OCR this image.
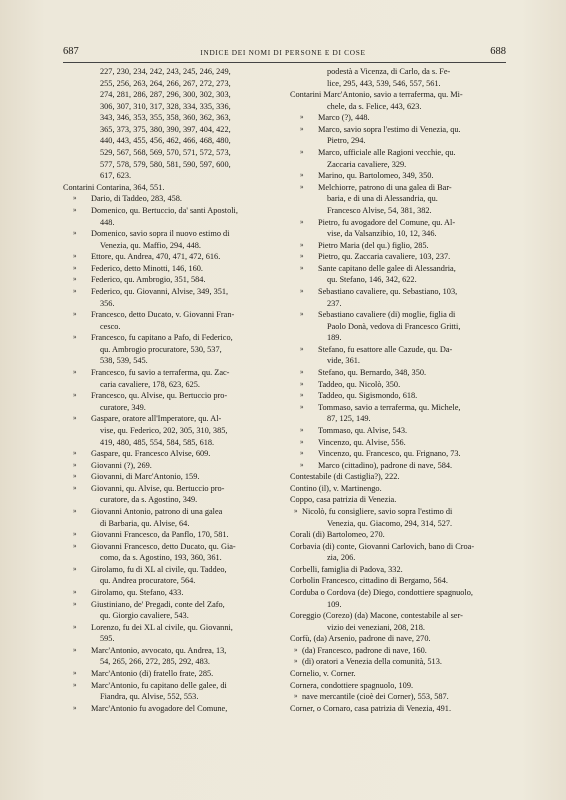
687	INDICE DEI NOMI DI PERSONE E DI COSE	688
227, 230, 234, 242, 243, 245, 246, 249,
255, 256, 263, 264, 266, 267, 272, 273,
274, 281, 286, 287, 296, 300, 302, 303,
306, 307, 310, 317, 328, 334, 335, 336,
343, 346, 353, 355, 358, 360, 362, 363,
365, 373, 375, 380, 390, 397, 404, 422,
440, 443, 455, 456, 462, 466, 468, 480,
529, 567, 568, 569, 570, 571, 572, 573,
577, 578, 579, 580, 581, 590, 597, 600,
617, 623.
Contarini Contarina, 364, 551.
» Dario, di Taddeo, 283, 458.
» Domenico, qu. Bertuccio, da' santi Apostoli,
448.
» Domenico, savio sopra il nuovo estimo di
Venezia, qu. Maffio, 294, 448.
» Ettore, qu. Andrea, 470, 471, 472, 616.
» Federico, detto Minotti, 146, 160.
» Federico, qu. Ambrogio, 351, 584.
» Federico, qu. Giovanni, Alvise, 349, 351,
356.
» Francesco, detto Ducato, v. Giovanni Fran-
cesco.
» Francesco, fu capitano a Pafo, di Federico,
qu. Ambrogio procuratore, 530, 537,
538, 539, 545.
» Francesco, fu savio a terraferma, qu. Zac-
caria cavaliere, 178, 623, 625.
» Francesco, qu. Alvise, qu. Bertuccio pro-
curatore, 349.
» Gaspare, oratore all'Imperatore, qu. Al-
vise, qu. Federico, 202, 305, 310, 385,
419, 480, 485, 554, 584, 585, 618.
» Gaspare, qu. Francesco Alvise, 609.
» Giovanni (?), 269.
» Giovanni, di Marc'Antonio, 159.
» Giovanni, qu. Alvise, qu. Bertuccio pro-
curatore, da s. Agostino, 349.
» Giovanni Antonio, patrono di una galea
di Barbaria, qu. Alvise, 64.
» Giovanni Francesco, da Panflo, 170, 581.
» Giovanni Francesco, detto Ducato, qu. Gia-
como, da s. Agostino, 193, 360, 361.
» Girolamo, fu di XL al civile, qu. Taddeo,
qu. Andrea procuratore, 564.
» Girolamo, qu. Stefano, 433.
» Giustiniano, de' Pregadi, conte del Zafo,
qu. Giorgio cavaliere, 543.
» Lorenzo, fu dei XL al civile, qu. Giovanni,
595.
» Marc'Antonio, avvocato, qu. Andrea, 13,
54, 265, 266, 272, 285, 292, 483.
» Marc'Antonio (di) fratello frate, 285.
» Marc'Antonio, fu capitano delle galee, di
Fiandra, qu. Alvise, 552, 553.
» Marc'Antonio fu avogadore del Comune,
podestà a Vicenza, di Carlo, da s. Fe-
lice, 295, 443, 539, 546, 557, 561.
Contarini Marc'Antonio, savio a terraferma, qu. Mi-
chele, da s. Felice, 443, 623.
» Marco (?), 448.
» Marco, savio sopra l'estimo di Venezia, qu.
Pietro, 294.
» Marco, ufficiale alle Ragioni vecchie, qu.
Zaccaria cavaliere, 329.
» Marino, qu. Bartolomeo, 349, 350.
» Melchiorre, patrono di una galea di Bar-
baria, e di una di Alessandria, qu.
Francesco Alvise, 54, 381, 382.
» Pietro, fu avogadore del Comune, qu. Al-
vise, da Valsanzibio, 10, 12, 346.
» Pietro Maria (del qu.) figlio, 285.
» Pietro, qu. Zaccaria cavaliere, 103, 237.
» Sante capitano delle galee di Alessandria,
qu. Stefano, 146, 342, 622.
» Sebastiano cavaliere, qu. Sebastiano, 103,
237.
» Sebastiano cavaliere (di) moglie, figlia di
Paolo Donà, vedova di Francesco Gritti,
189.
» Stefano, fu esattore alle Cazude, qu. Da-
vide, 361.
» Stefano, qu. Bernardo, 348, 350.
» Taddeo, qu. Nicolò, 350.
» Taddeo, qu. Sigismondo, 618.
» Tommaso, savio a terraferma, qu. Michele,
87, 125, 149.
» Tommaso, qu. Alvise, 543.
» Vincenzo, qu. Alvise, 556.
» Vincenzo, qu. Francesco, qu. Frignano, 73.
» Marco (cittadino), padrone di nave, 584.
Contestabile (di Castiglia?), 222.
Contino (il), v. Martinengo.
Coppo, casa patrizia di Venezia.
» Nicolò, fu consigliere, savio sopra l'estimo di
Venezia, qu. Giacomo, 294, 314, 527.
Corali (di) Bartolomeo, 270.
Corbavia (di) conte, Giovanni Carlovich, bano di Croa-
zia, 206.
Corbelli, famiglia di Padova, 332.
Corbolin Francesco, cittadino di Bergamo, 564.
Corduba o Cordova (de) Diego, condottiere spagnuolo,
109.
Coreggio (Corezo) (da) Macone, contestabile al ser-
vizio dei veneziani, 208, 218.
Corfù, (da) Arsenio, padrone di nave, 270.
» (da) Francesco, padrone di nave, 160.
» (di) oratori a Venezia della comunità, 513.
Cornelio, v. Corner.
Cornera, condottiere spagnuolo, 109.
» nave mercantile (cioè dei Corner), 553, 587.
Corner, o Cornaro, casa patrizia di Venezia, 491.
